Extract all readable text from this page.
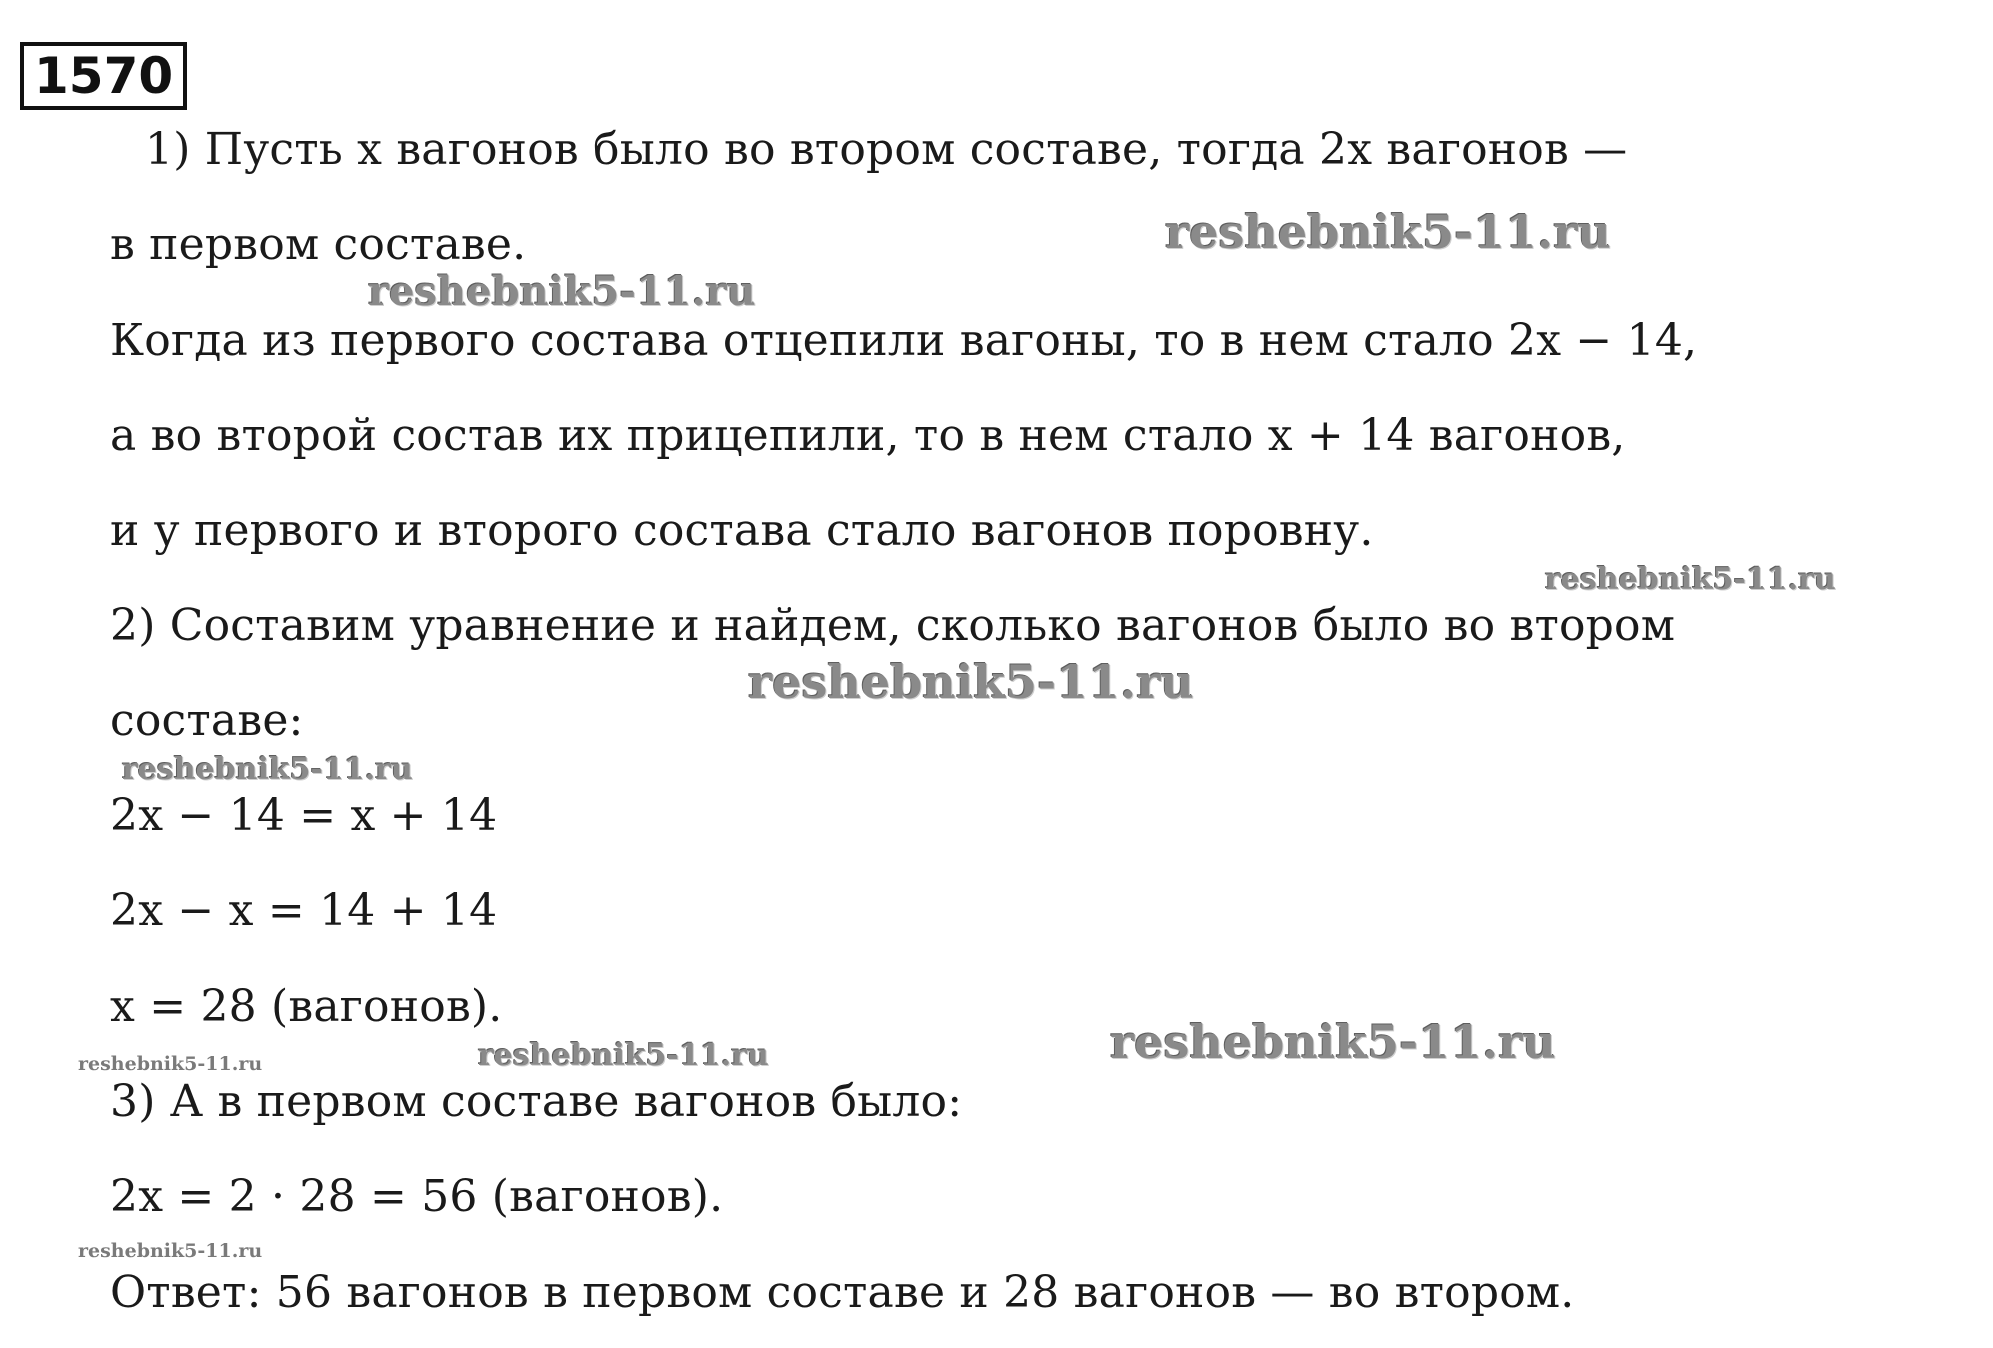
1570
1) Пусть x вагонов было во втором составе, тогда 2x вагонов —
в первом составе.
Когда из первого состава отцепили вагоны, то в нем стало 2x − 14,
а во второй состав их прицепили, то в нем стало x + 14 вагонов,
и у первого и второго состава стало вагонов поровну.
2) Составим уравнение и найдем, сколько вагонов было во втором
составе:
2x − 14 = x + 14
2x − x = 14 + 14
x = 28 (вагонов).
3) А в первом составе вагонов было:
2x = 2 · 28 = 56 (вагонов).
Ответ: 56 вагонов в первом составе и 28 вагонов — во втором.
reshebnik5-11.ru
reshebnik5-11.ru
reshebnik5-11.ru
reshebnik5-11.ru
reshebnik5-11.ru
reshebnik5-11.ru
reshebnik5-11.ru
reshebnik5-11.ru
reshebnik5-11.ru
